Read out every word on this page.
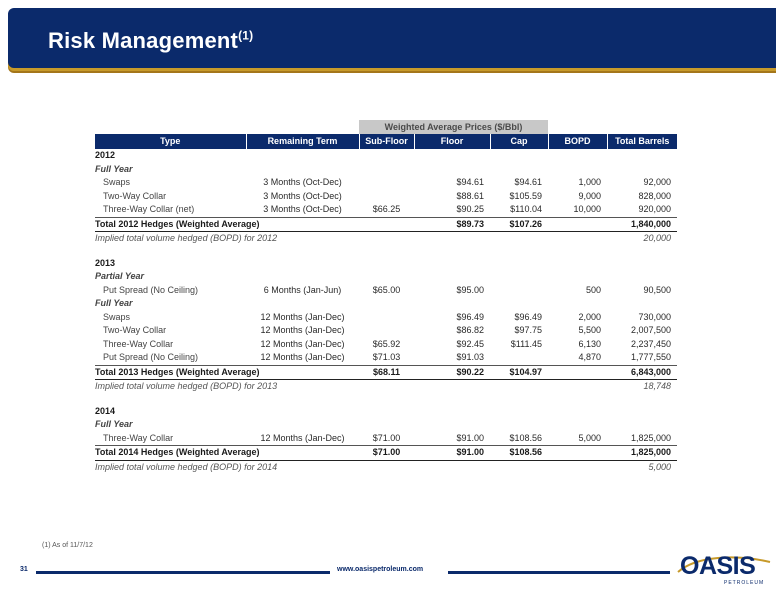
Risk Management$^{(1)}$
		Weighted Average Prices ($/Bbl)				
Type	Remaining Term	Sub-Floor	Floor	Cap	BOPD	Total Barrels
2012						
Full Year						
Swaps	3 Months (Oct-Dec)		$94.61	$94.61	1,000	92,000
Two-Way Collar	3 Months (Oct-Dec)		$88.61	$105.59	9,000	828,000
Three-Way Collar (net)	3 Months (Oct-Dec)	$66.25	$90.25	$110.04	10,000	920,000
Total 2012 Hedges (Weighted Average)			$89.73	$107.26		1,840,000
Implied total volume hedged (BOPD) for 2012						20,000

2013						
Partial Year						
Put Spread (No Ceiling)	6 Months (Jan-Jun)	$65.00	$95.00		500	90,500
Full Year						
Swaps	12 Months (Jan-Dec)		$96.49	$96.49	2,000	730,000
Two-Way Collar	12 Months (Jan-Dec)		$86.82	$97.75	5,500	2,007,500
Three-Way Collar	12 Months (Jan-Dec)	$65.92	$92.45	$111.45	6,130	2,237,450
Put Spread (No Ceiling)	12 Months (Jan-Dec)	$71.03	$91.03		4,870	1,777,550
Total 2013 Hedges (Weighted Average)		$68.11	$90.22	$104.97		6,843,000
Implied total volume hedged (BOPD) for 2013						18,748

2014						
Full Year						
Three-Way Collar	12 Months (Jan-Dec)	$71.00	$91.00	$108.56	5,000	1,825,000
Total 2014 Hedges (Weighted Average)		$71.00	$91.00	$108.56		1,825,000
Implied total volume hedged (BOPD) for 2014						5,000
(1) As of 11/7/12
31	www.oasispetroleum.com	OASIS
PETROLEUM
